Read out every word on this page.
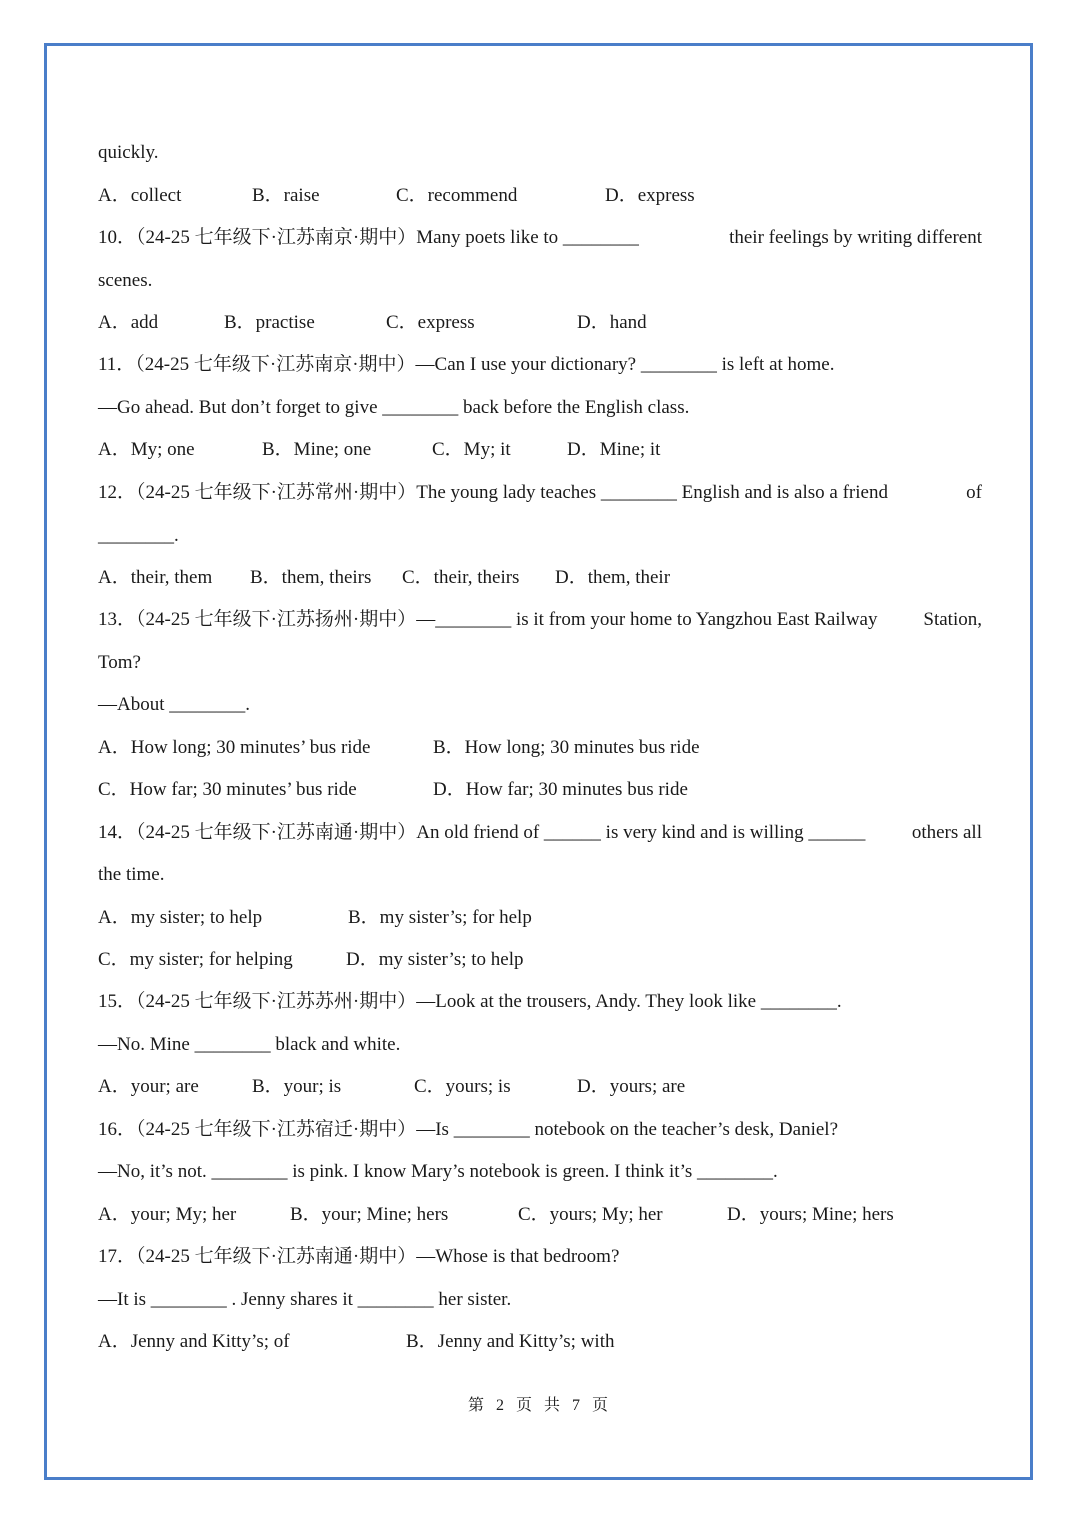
quickly.
A．collect	B．raise	C．recommend	D．express
10．（24-25 七年级下·江苏南京·期中）Many poets like to ________	their feelings by writing different
scenes.
A．add	B．practise	C．express	D．hand
11．（24-25 七年级下·江苏南京·期中）—Can I use your dictionary? ________ is left at home.
—Go ahead. But don’t forget to give ________ back before the English class.
A．My; one	B．Mine; one	C．My; it	D．Mine; it
12．（24-25 七年级下·江苏常州·期中）The young lady teaches ________ English and is also a friend	of
________.
A．their, them B．them, theirs C．their, theirs D．them, their
13．（24-25 七年级下·江苏扬州·期中）—________ is it from your home to Yangzhou East Railway Station,
Tom?
—About ________.
A．How long; 30 minutes’ bus ride	B．How long; 30 minutes bus ride
C．How far; 30 minutes’ bus ride	D．How far; 30 minutes bus ride
14．（24-25 七年级下·江苏南通·期中）An old friend of ______ is very kind and is willing ______ others all
the time.
A．my sister; to help	B．my sister’s; for help
C．my sister; for helping	D．my sister’s; to help
15．（24-25 七年级下·江苏苏州·期中）—Look at the trousers, Andy. They look like ________.
—No. Mine ________ black and white.
A．your; are	B．your; is	C．yours; is	D．yours; are
16．（24-25 七年级下·江苏宿迁·期中）—Is ________ notebook on the teacher’s desk, Daniel?
—No, it’s not. ________ is pink. I know Mary’s notebook is green. I think it’s ________.
A．your; My; her	B．your; Mine; hers	C．yours; My; her	D．yours; Mine; hers
17．（24-25 七年级下·江苏南通·期中）—Whose is that bedroom?
—It is ________ . Jenny shares it ________ her sister.
A．Jenny and Kitty’s; of	B．Jenny and Kitty’s; with
第 2 页 共 7 页
